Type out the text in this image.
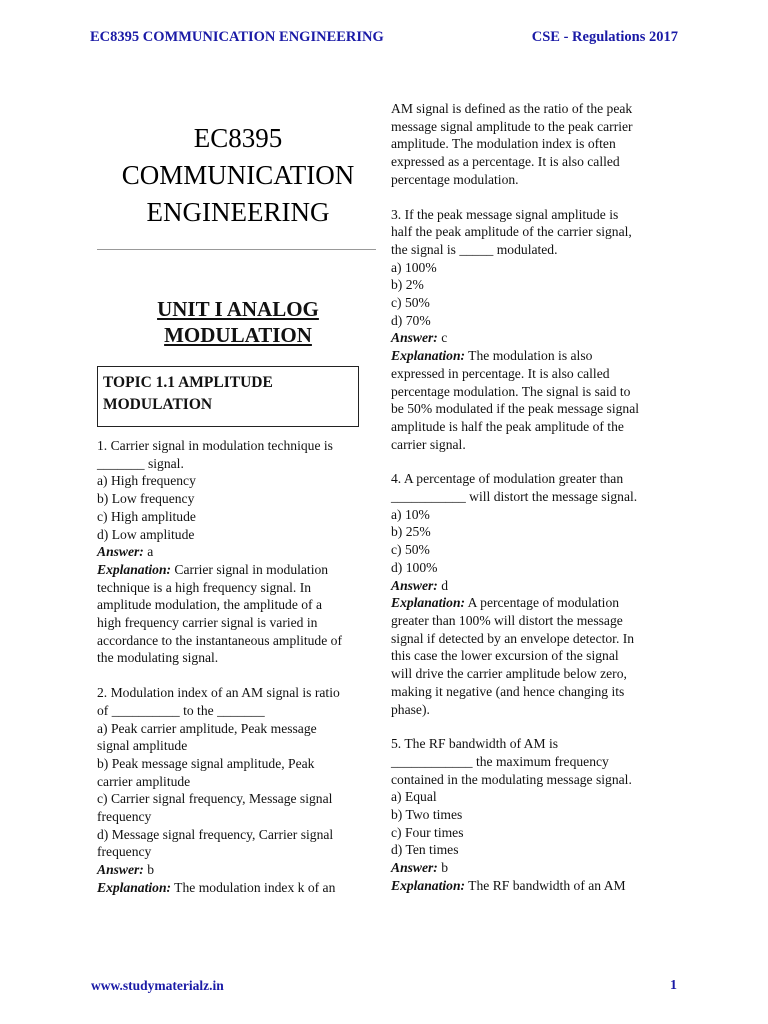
EC8395 COMMUNICATION ENGINEERING	CSE - Regulations 2017
EC8395
COMMUNICATION
ENGINEERING
UNIT I ANALOG
MODULATION
TOPIC 1.1 AMPLITUDE
MODULATION

1. Carrier signal in modulation technique is

_______ signal.

a) High frequency

b) Low frequency

c) High amplitude

d) Low amplitude

Answer: a

Explanation: Carrier signal in modulation

technique is a high frequency signal. In

amplitude modulation, the amplitude of a

high frequency carrier signal is varied in

accordance to the instantaneous amplitude of

the modulating signal.

2. Modulation index of an AM signal is ratio

of __________ to the _______

a) Peak carrier amplitude, Peak message

signal amplitude

b) Peak message signal amplitude, Peak

carrier amplitude

c) Carrier signal frequency, Message signal

frequency

d) Message signal frequency, Carrier signal

frequency

Answer: b

Explanation: The modulation index k of an

AM signal is defined as the ratio of the peak

message signal amplitude to the peak carrier

amplitude. The modulation index is often

expressed as a percentage. It is also called

percentage modulation.

3. If the peak message signal amplitude is

half the peak amplitude of the carrier signal,

the signal is _____ modulated.

a) 100%

b) 2%

c) 50%

d) 70%

Answer: c

Explanation: The modulation is also

expressed in percentage. It is also called

percentage modulation. The signal is said to

be 50% modulated if the peak message signal

amplitude is half the peak amplitude of the

carrier signal.

4. A percentage of modulation greater than

___________ will distort the message signal.

a) 10%

b) 25%

c) 50%

d) 100%

Answer: d

Explanation: A percentage of modulation

greater than 100% will distort the message

signal if detected by an envelope detector. In

this case the lower excursion of the signal

will drive the carrier amplitude below zero,

making it negative (and hence changing its

phase).

5. The RF bandwidth of AM is

____________ the maximum frequency

contained in the modulating message signal.

a) Equal

b) Two times

c) Four times

d) Ten times

Answer: b

Explanation: The RF bandwidth of an AM

www.studymaterialz.in	1
